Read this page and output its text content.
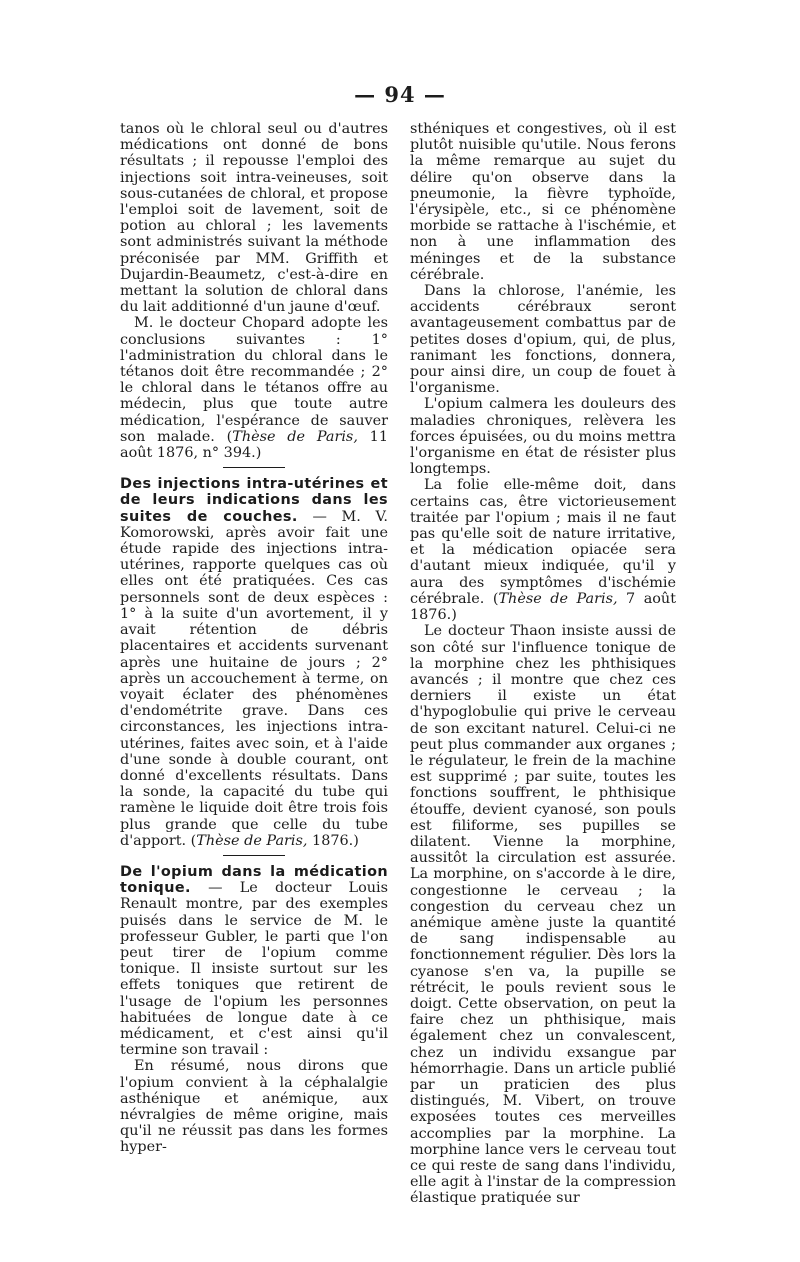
— 94 —

tanos où le chloral seul ou d'autres médications ont donné de bons résultats ; il repousse l'emploi des injections soit intra-veineuses, soit sous-cutanées de chloral, et propose l'emploi soit de lavement, soit de potion au chloral ; les lavements sont administrés suivant la méthode préconisée par MM. Griffith et Dujardin-Beaumetz, c'est-à-dire en mettant la solution de chloral dans du lait additionné d'un jaune d'œuf.

M. le docteur Chopard adopte les conclusions suivantes : 1° l'administration du chloral dans le tétanos doit être recommandée ; 2° le chloral dans le tétanos offre au médecin, plus que toute autre médication, l'espérance de sauver son malade. (Thèse de Paris, 11 août 1876, n° 394.)

Des injections intra-utérines et de leurs indications dans les suites de couches. — M. V. Komorowski, après avoir fait une étude rapide des injections intra-utérines, rapporte quelques cas où elles ont été pratiquées. Ces cas personnels sont de deux espèces : 1° à la suite d'un avortement, il y avait rétention de débris placentaires et accidents survenant après une huitaine de jours ; 2° après un accouchement à terme, on voyait éclater des phénomènes d'endométrite grave. Dans ces circonstances, les injections intra-utérines, faites avec soin, et à l'aide d'une sonde à double courant, ont donné d'excellents résultats. Dans la sonde, la capacité du tube qui ramène le liquide doit être trois fois plus grande que celle du tube d'apport. (Thèse de Paris, 1876.)

De l'opium dans la médication tonique. — Le docteur Louis Renault montre, par des exemples puisés dans le service de M. le professeur Gubler, le parti que l'on peut tirer de l'opium comme tonique. Il insiste surtout sur les effets toniques que retirent de l'usage de l'opium les personnes habituées de longue date à ce médicament, et c'est ainsi qu'il termine son travail :

En résumé, nous dirons que l'opium convient à la céphalalgie asthénique et anémique, aux névralgies de même origine, mais qu'il ne réussit pas dans les formes hyper-

sthéniques et congestives, où il est plutôt nuisible qu'utile. Nous ferons la même remarque au sujet du délire qu'on observe dans la pneumonie, la fièvre typhoïde, l'érysipèle, etc., si ce phénomène morbide se rattache à l'ischémie, et non à une inflammation des méninges et de la substance cérébrale.

Dans la chlorose, l'anémie, les accidents cérébraux seront avantageusement combattus par de petites doses d'opium, qui, de plus, ranimant les fonctions, donnera, pour ainsi dire, un coup de fouet à l'organisme.

L'opium calmera les douleurs des maladies chroniques, relèvera les forces épuisées, ou du moins mettra l'organisme en état de résister plus longtemps.

La folie elle-même doit, dans certains cas, être victorieusement traitée par l'opium ; mais il ne faut pas qu'elle soit de nature irritative, et la médication opiacée sera d'autant mieux indiquée, qu'il y aura des symptômes d'ischémie cérébrale. (Thèse de Paris, 7 août 1876.)

Le docteur Thaon insiste aussi de son côté sur l'influence tonique de la morphine chez les phthisiques avancés ; il montre que chez ces derniers il existe un état d'hypoglobulie qui prive le cerveau de son excitant naturel. Celui-ci ne peut plus commander aux organes ; le régulateur, le frein de la machine est supprimé ; par suite, toutes les fonctions souffrent, le phthisique étouffe, devient cyanosé, son pouls est filiforme, ses pupilles se dilatent. Vienne la morphine, aussitôt la circulation est assurée. La morphine, on s'accorde à le dire, congestionne le cerveau ; la congestion du cerveau chez un anémique amène juste la quantité de sang indispensable au fonctionnement régulier. Dès lors la cyanose s'en va, la pupille se rétrécit, le pouls revient sous le doigt. Cette observation, on peut la faire chez un phthisique, mais également chez un convalescent, chez un individu exsangue par hémorrhagie. Dans un article publié par un praticien des plus distingués, M. Vibert, on trouve exposées toutes ces merveilles accomplies par la morphine. La morphine lance vers le cerveau tout ce qui reste de sang dans l'individu, elle agit à l'instar de la compression élastique pratiquée sur
